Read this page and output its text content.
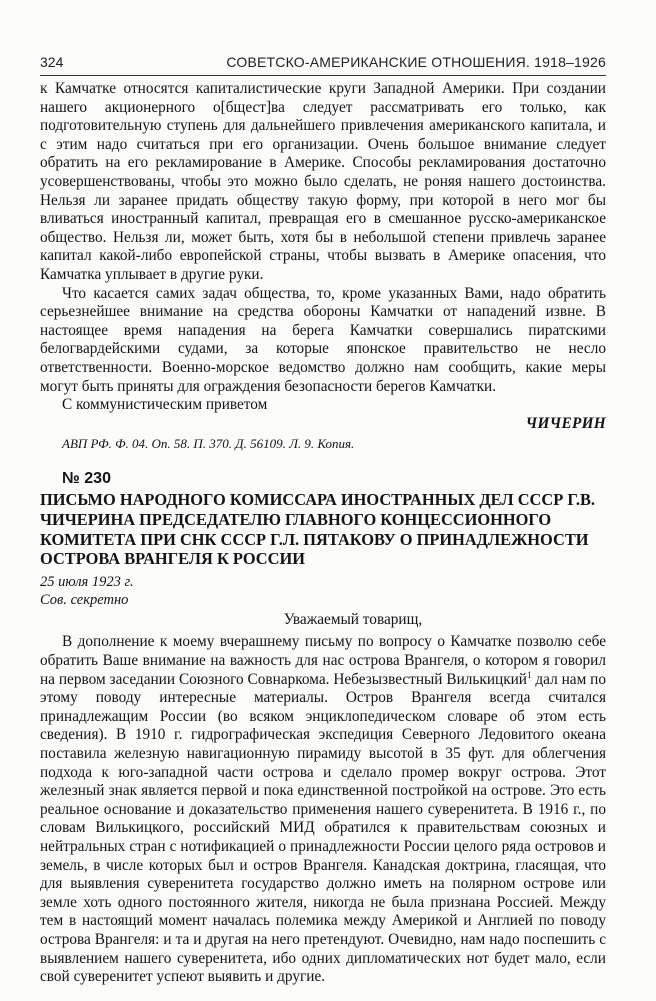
324	СОВЕТСКО-АМЕРИКАНСКИЕ ОТНОШЕНИЯ. 1918–1926

к Камчатке относятся капиталистические круги Западной Америки. При создании нашего акционерного о[бщест]ва следует рассматривать его только, как подготовительную ступень для дальнейшего привлечения американского капитала, и с этим надо считаться при его организации. Очень большое внимание следует обратить на его рекламирование в Америке. Способы рекламирования достаточно усовершенствованы, чтобы это можно было сделать, не роняя нашего достоинства. Нельзя ли заранее придать обществу такую форму, при которой в него мог бы вливаться иностранный капитал, превращая его в смешанное русско-американское общество. Нельзя ли, может быть, хотя бы в небольшой степени привлечь заранее капитал какой-либо европейской страны, чтобы вызвать в Америке опасения, что Камчатка уплывает в другие руки.

Что касается самих задач общества, то, кроме указанных Вами, надо обратить серьезнейшее внимание на средства обороны Камчатки от нападений извне. В настоящее время нападения на берега Камчатки совершались пиратскими белогвардейскими судами, за которые японское правительство не несло ответственности. Военно-морское ведомство должно нам сообщить, какие меры могут быть приняты для ограждения безопасности берегов Камчатки.

С коммунистическим приветом
ЧИЧЕРИН
АВП РФ. Ф. 04. Оп. 58. П. 370. Д. 56109. Л. 9. Копия.
№ 230
ПИСЬМО НАРОДНОГО КОМИССАРА ИНОСТРАННЫХ ДЕЛ СССР Г.В. ЧИЧЕРИНА ПРЕДСЕДАТЕЛЮ ГЛАВНОГО КОНЦЕССИОННОГО КОМИТЕТА ПРИ СНК СССР Г.Л. ПЯТАКОВУ О ПРИНАДЛЕЖНОСТИ ОСТРОВА ВРАНГЕЛЯ К РОССИИ
25 июля 1923 г.
Сов. секретно
Уважаемый товарищ,

В дополнение к моему вчерашнему письму по вопросу о Камчатке позволю себе обратить Ваше внимание на важность для нас острова Врангеля, о котором я говорил на первом заседании Союзного Совнаркома. Небезызвестный Вилькицкий$^1$ дал нам по этому поводу интересные материалы. Остров Врангеля всегда считался принадлежащим России (во всяком энциклопедическом словаре об этом есть сведения). В 1910 г. гидрографическая экспедиция Северного Ледовитого океана поставила железную навигационную пирамиду высотой в 35 фут. для облегчения подхода к юго-западной части острова и сделало промер вокруг острова. Этот железный знак является первой и пока единственной постройкой на острове. Это есть реальное основание и доказательство применения нашего суверенитета. В 1916 г., по словам Вилькицкого, российский МИД обратился к правительствам союзных и нейтральных стран с нотификацией о принадлежности России целого ряда островов и земель, в числе которых был и остров Врангеля. Канадская доктрина, гласящая, что для выявления суверенитета государство должно иметь на полярном острове или земле хоть одного постоянного жителя, никогда не была признана Россией. Между тем в настоящий момент началась полемика между Америкой и Англией по поводу острова Врангеля: и та и другая на него претендуют. Очевидно, нам надо поспешить с выявлением нашего суверенитета, ибо одних дипломатических нот будет мало, если свой суверенитет успеют выявить и другие.
